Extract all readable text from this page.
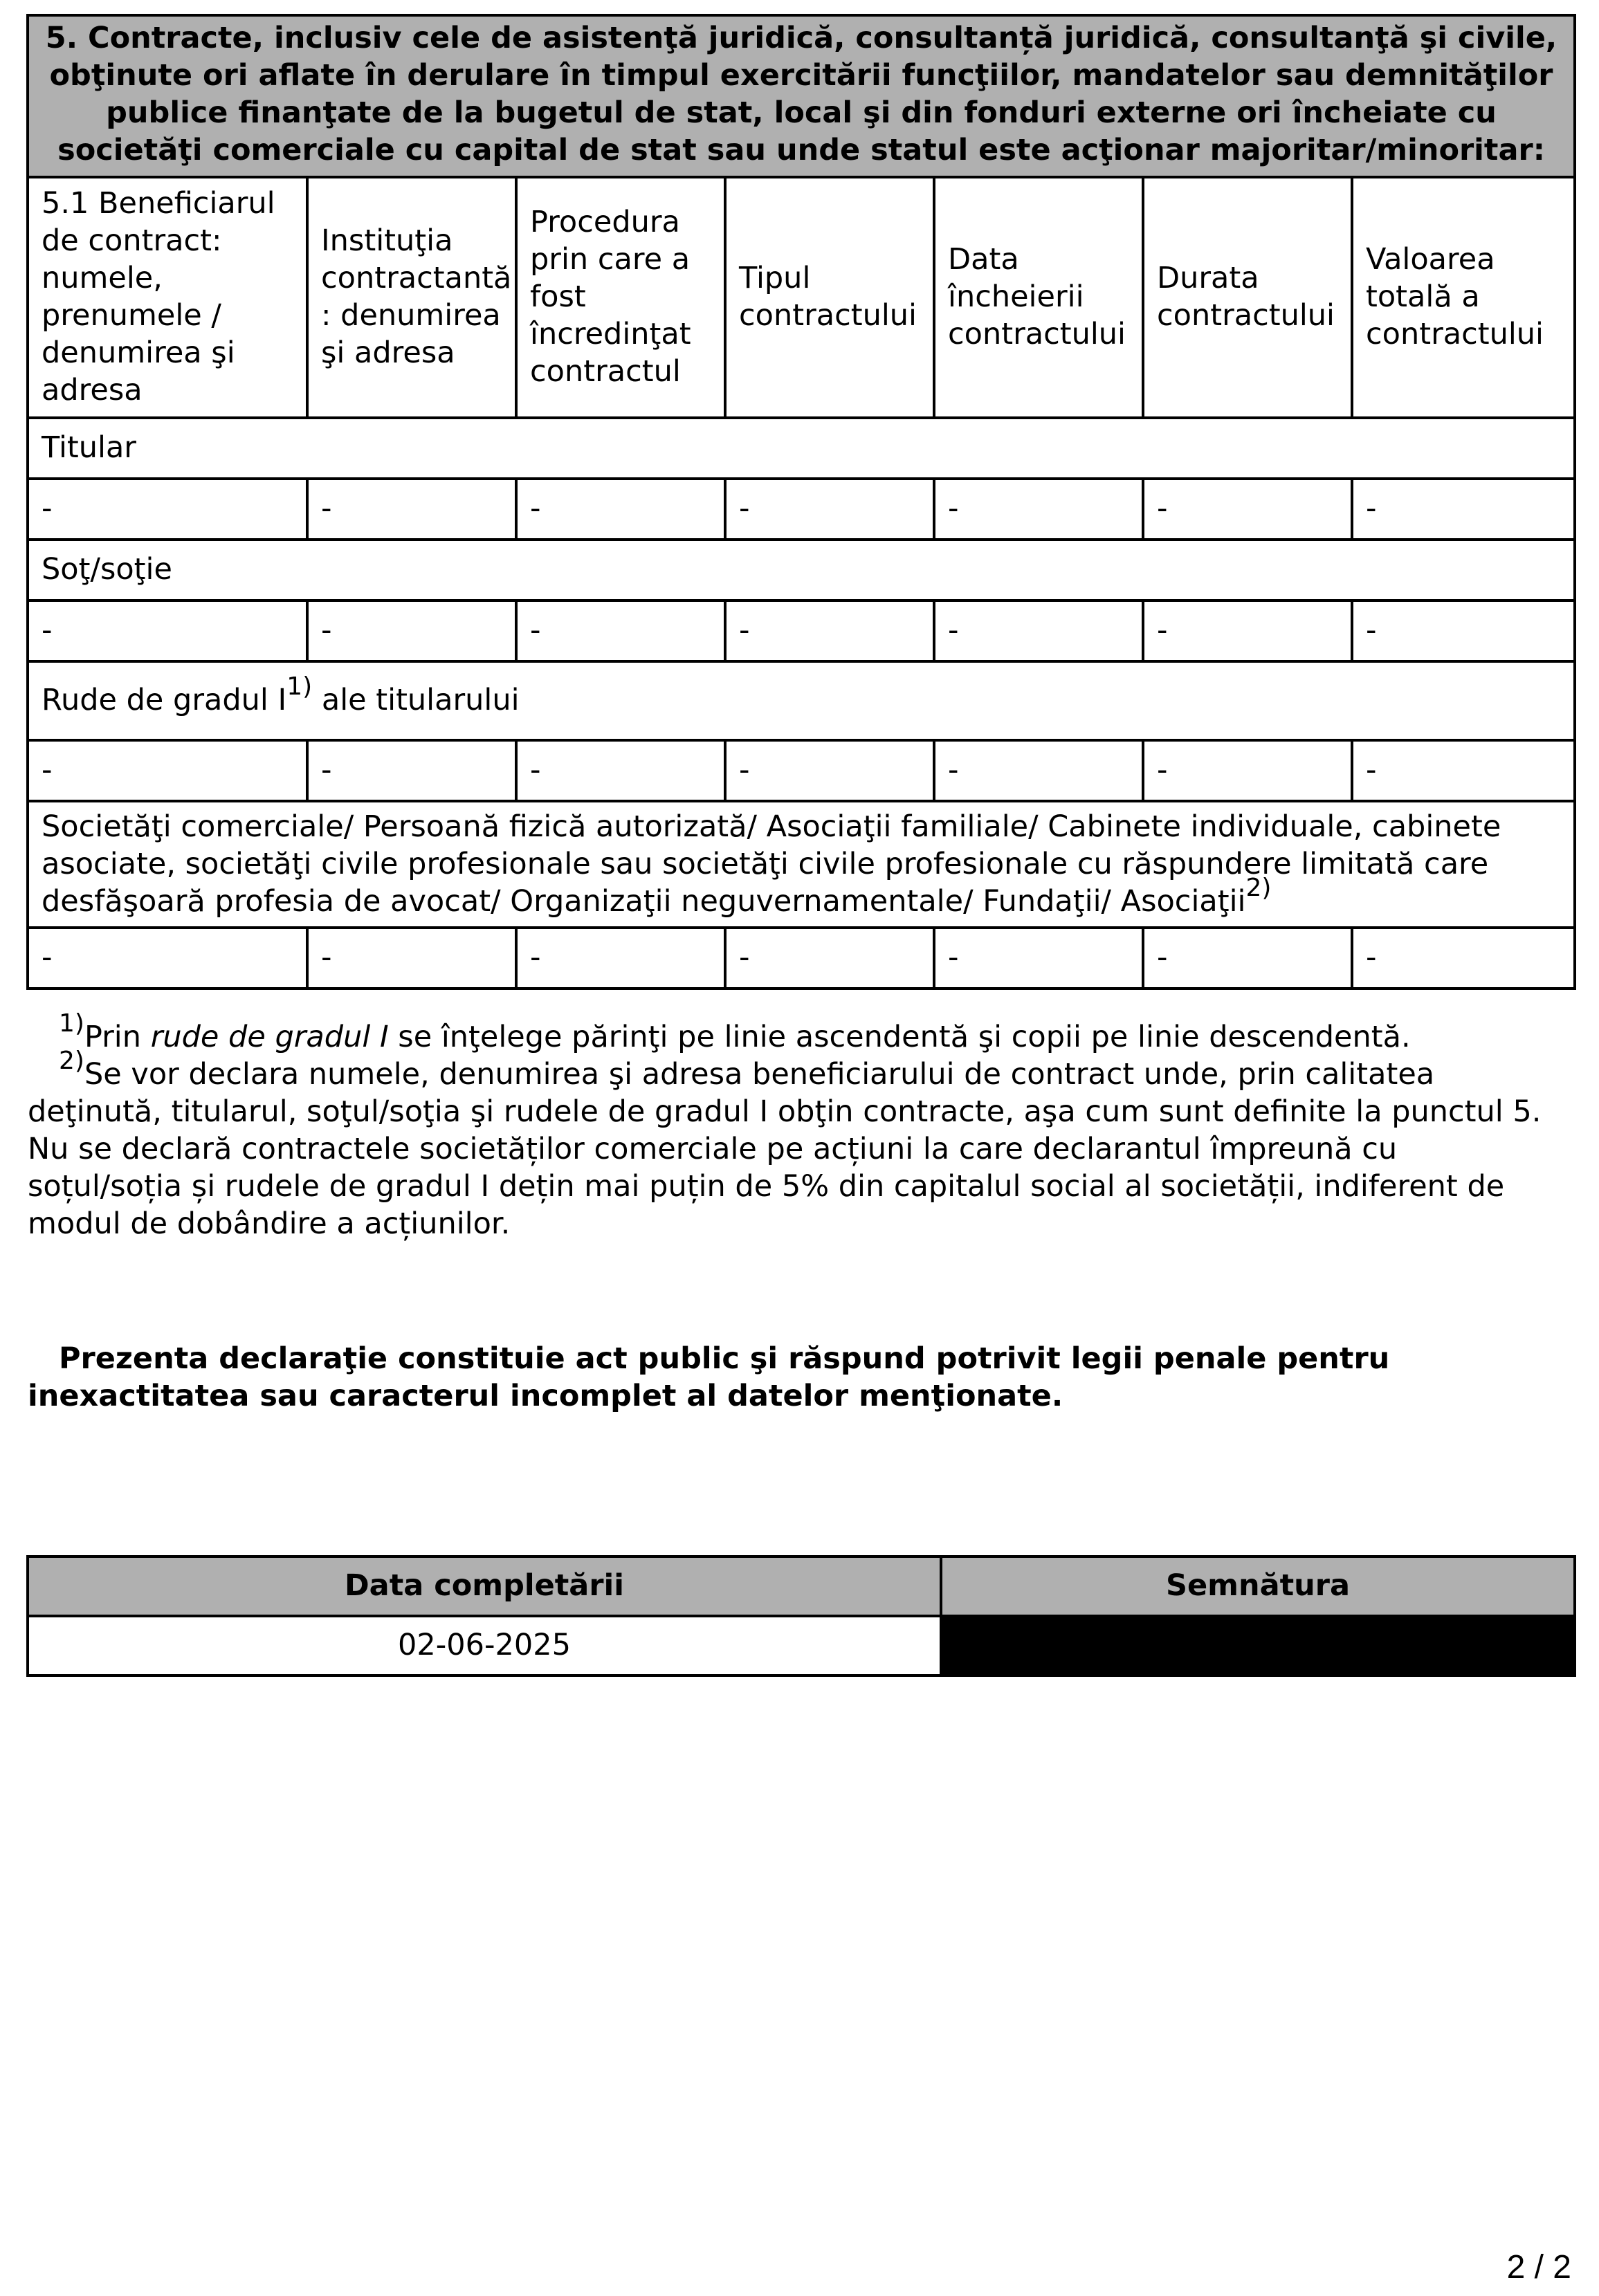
5. Contracte, inclusiv cele de asistenţă juridică, consultanță juridică, consultanţă şi civile, obţinute ori aflate în derulare în timpul exercitării funcţiilor, mandatelor sau demnităţilor publice finanţate de la bugetul de stat, local şi din fonduri externe ori încheiate cu societăţi comerciale cu capital de stat sau unde statul este acţionar majoritar/minoritar:						
5.1 Beneficiarul de contract: numele, prenumele / denumirea şi adresa	Instituţia contractantă : denumirea şi adresa	Procedura prin care a fost încredinţat contractul	Tipul contractului	Data încheierii contractului	Durata contractului	Valoarea totală a contractului
Titular						
-	-	-	-	-	-	-
Soţ/soţie						
-	-	-	-	-	-	-
Rude de gradul $I^{1)}$ ale titularului						
-	-	-	-	-	-	-
Societăţi comerciale/ Persoană fizică autorizată/ Asociaţii familiale/ Cabinete individuale, cabinete asociate, societăţi civile profesionale sau societăţi civile profesionale cu răspundere limitată care desfăşoară profesia de avocat/ Organizaţii neguvernamentale/ Fundaţii/ Asociaţii$^{2)}$
-	-	-	-	-	-	-

$^{1)}$Prin rude de gradul I se înţelege părinţi pe linie ascendentă şi copii pe linie descendentă.

$^{2)}$Se vor declara numele, denumirea şi adresa beneficiarului de contract unde, prin calitatea deţinută, titularul, soţul/soţia şi rudele de gradul I obţin contracte, aşa cum sunt definite la punctul 5. Nu se declară contractele societăților comerciale pe acțiuni la care declarantul împreună cu soțul/soția și rudele de gradul I dețin mai puțin de 5% din capitalul social al societății, indiferent de modul de dobândire a acțiunilor.

Prezenta declaraţie constituie act public şi răspund potrivit legii penale pentru inexactitatea sau caracterul incomplet al datelor menţionate.

Data completării	Semnătura
02-06-2025	
2 / 2
